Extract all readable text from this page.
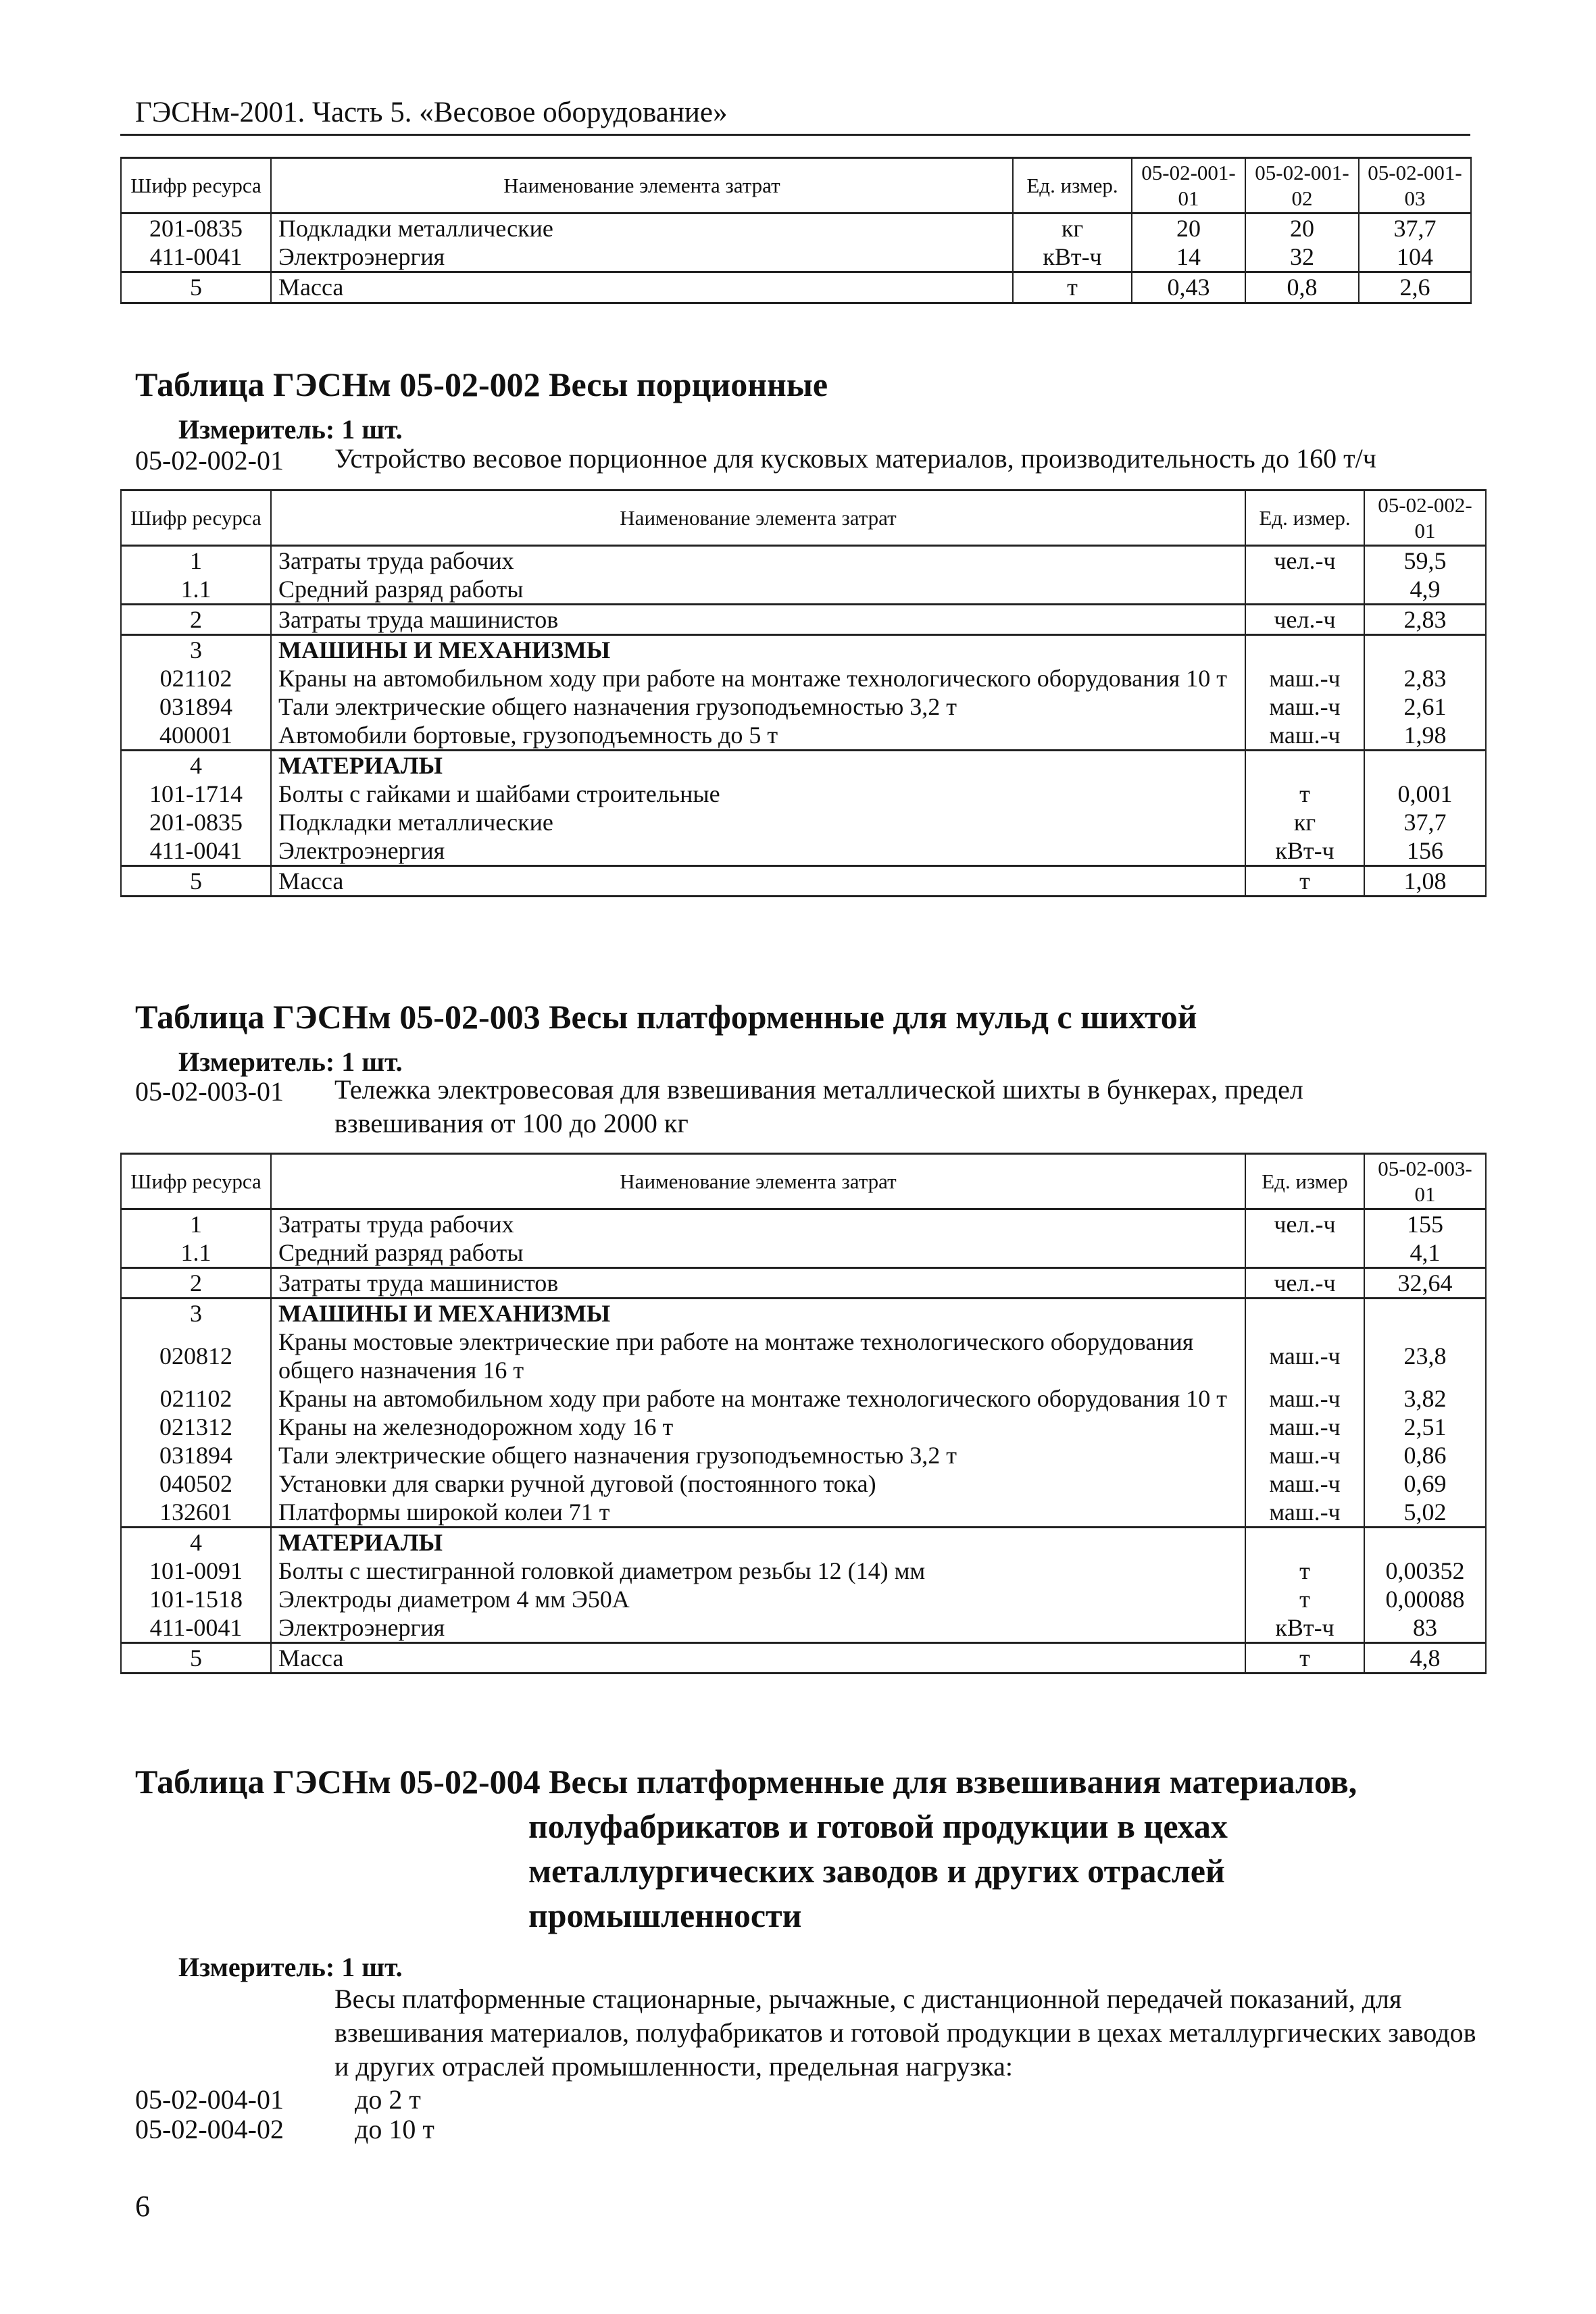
ГЭСНм-2001. Часть 5. «Весовое оборудование»
Шифр ресурса	Наименование элемента затрат	Ед. измер.	05-02-001-01	05-02-001-02	05-02-001-03
201-0835	Подкладки металлические	кг	20	20	37,7
411-0041	Электроэнергия	кВт-ч	14	32	104
5	Масса	т	0,43	0,8	2,6
Таблица ГЭСНм 05-02-002 Весы порционные
Измеритель: 1 шт.
05-02-002-01 Устройство весовое порционное для кусковых материалов, производительность до 160 т/ч
Шифр ресурса	Наименование элемента затрат	Ед. измер.	05-02-002-01
1	Затраты труда рабочих	чел.-ч	59,5
1.1	Средний разряд работы		4,9
2	Затраты труда машинистов	чел.-ч	2,83
3	МАШИНЫ И МЕХАНИЗМЫ		
021102	Краны на автомобильном ходу при работе на монтаже технологического оборудования 10 т	маш.-ч	2,83
031894	Тали электрические общего назначения грузоподъемностью 3,2 т	маш.-ч	2,61
400001	Автомобили бортовые, грузоподъемность до 5 т	маш.-ч	1,98
4	МАТЕРИАЛЫ		
101-1714	Болты с гайками и шайбами строительные	т	0,001
201-0835	Подкладки металлические	кг	37,7
411-0041	Электроэнергия	кВт-ч	156
5	Масса	т	1,08
Таблица ГЭСНм 05-02-003 Весы платформенные для мульд с шихтой
Измеритель: 1 шт.
05-02-003-01 Тележка электровесовая для взвешивания металлической шихты в бункерах, предел взвешивания от 100 до 2000 кг
Шифр ресурса	Наименование элемента затрат	Ед. измер	05-02-003-01
1	Затраты труда рабочих	чел.-ч	155
1.1	Средний разряд работы		4,1
2	Затраты труда машинистов	чел.-ч	32,64
3	МАШИНЫ И МЕХАНИЗМЫ		
020812	Краны мостовые электрические при работе на монтаже технологического оборудования общего назначения 16 т	маш.-ч	23,8
021102	Краны на автомобильном ходу при работе на монтаже технологического оборудования 10 т	маш.-ч	3,82
021312	Краны на железнодорожном ходу 16 т	маш.-ч	2,51
031894	Тали электрические общего назначения грузоподъемностью 3,2 т	маш.-ч	0,86
040502	Установки для сварки ручной дуговой (постоянного тока)	маш.-ч	0,69
132601	Платформы широкой колеи 71 т	маш.-ч	5,02
4	МАТЕРИАЛЫ		
101-0091	Болты с шестигранной головкой диаметром резьбы 12 (14) мм	т	0,00352
101-1518	Электроды диаметром 4 мм Э50А	т	0,00088
411-0041	Электроэнергия	кВт-ч	83
5	Масса	т	4,8
Таблица ГЭСНм 05-02-004 Весы платформенные для взвешивания материалов,
полуфабрикатов и готовой продукции в цехах
металлургических заводов и других отраслей
промышленности
Измеритель: 1 шт.
Весы платформенные стационарные, рычажные, с дистанционной передачей показаний, для взвешивания материалов, полуфабрикатов и готовой продукции в цехах металлургических заводов и других отраслей промышленности, предельная нагрузка:
05-02-004-01	до 2 т
05-02-004-02	до 10 т
6
